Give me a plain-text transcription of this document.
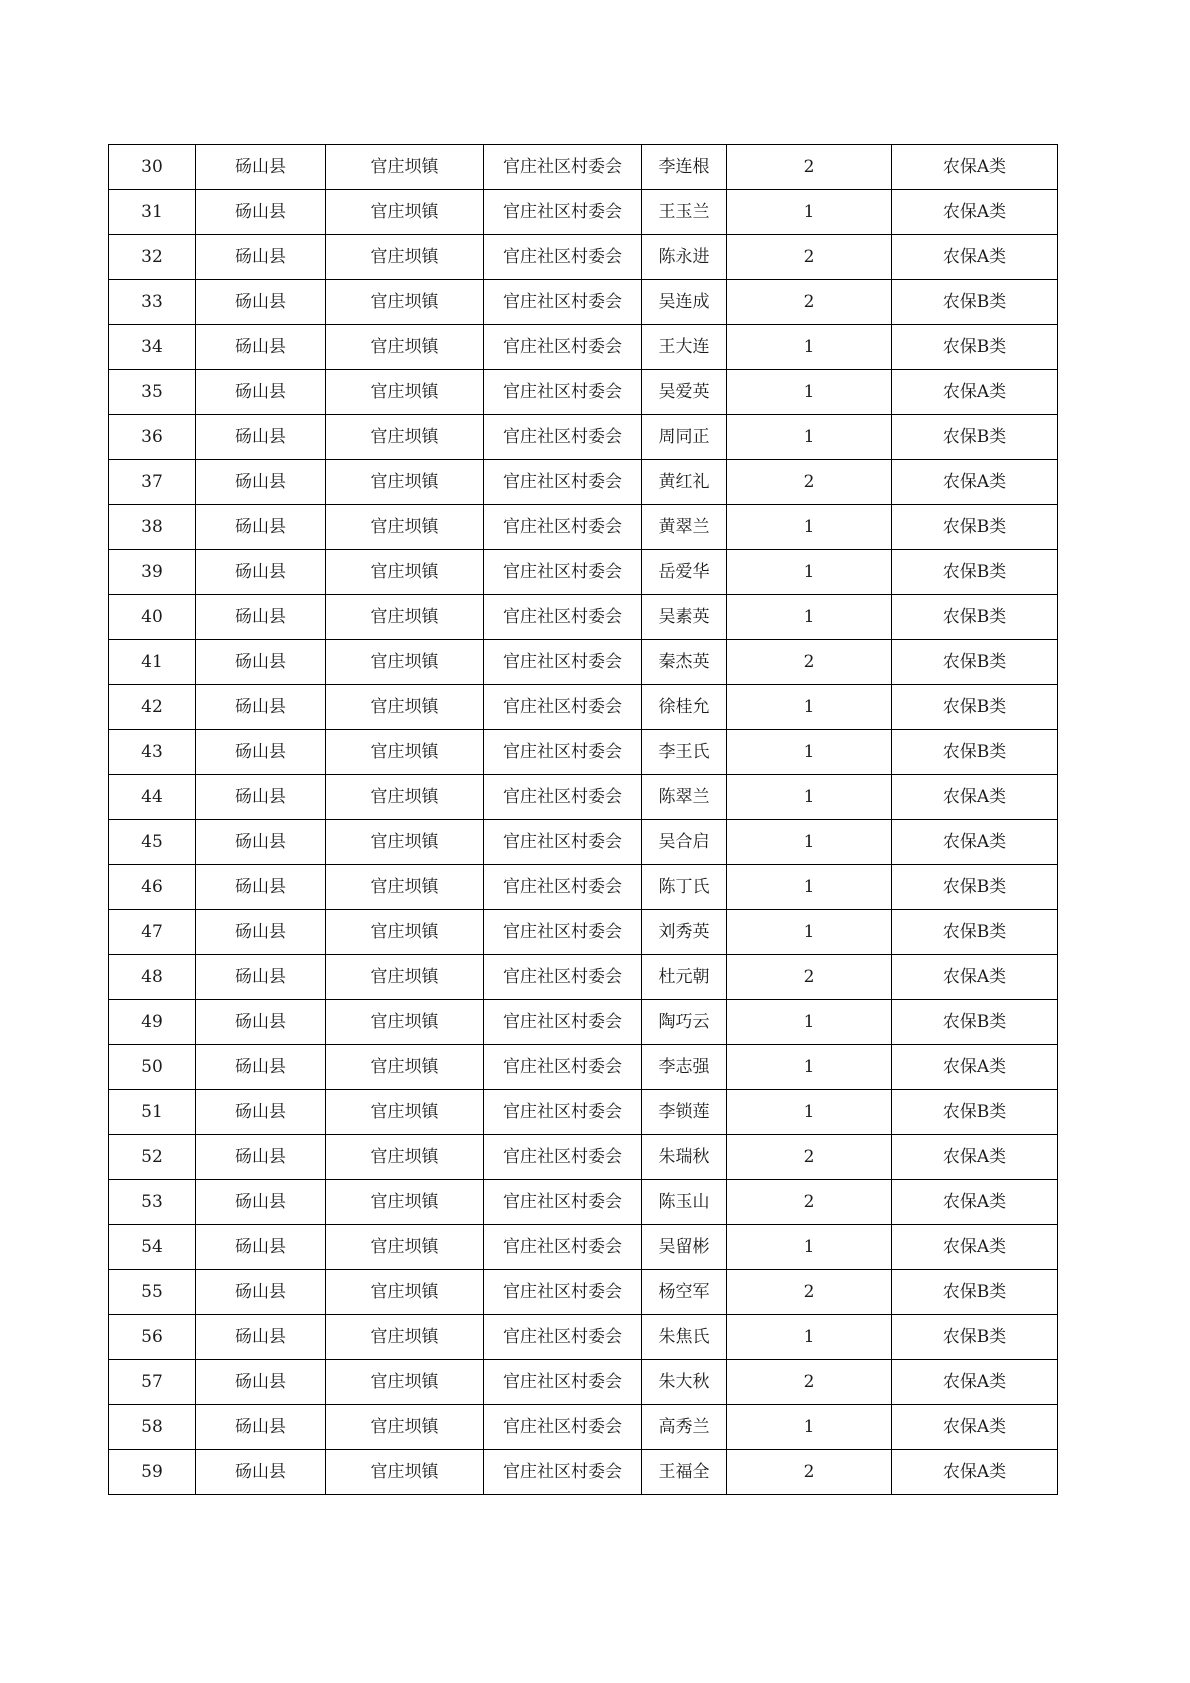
30	砀山县	官庄坝镇	官庄社区村委会	李连根	2	农保A类
31	砀山县	官庄坝镇	官庄社区村委会	王玉兰	1	农保A类
32	砀山县	官庄坝镇	官庄社区村委会	陈永进	2	农保A类
33	砀山县	官庄坝镇	官庄社区村委会	吴连成	2	农保B类
34	砀山县	官庄坝镇	官庄社区村委会	王大连	1	农保B类
35	砀山县	官庄坝镇	官庄社区村委会	吴爱英	1	农保A类
36	砀山县	官庄坝镇	官庄社区村委会	周同正	1	农保B类
37	砀山县	官庄坝镇	官庄社区村委会	黄红礼	2	农保A类
38	砀山县	官庄坝镇	官庄社区村委会	黄翠兰	1	农保B类
39	砀山县	官庄坝镇	官庄社区村委会	岳爱华	1	农保B类
40	砀山县	官庄坝镇	官庄社区村委会	吴素英	1	农保B类
41	砀山县	官庄坝镇	官庄社区村委会	秦杰英	2	农保B类
42	砀山县	官庄坝镇	官庄社区村委会	徐桂允	1	农保B类
43	砀山县	官庄坝镇	官庄社区村委会	李王氏	1	农保B类
44	砀山县	官庄坝镇	官庄社区村委会	陈翠兰	1	农保A类
45	砀山县	官庄坝镇	官庄社区村委会	吴合启	1	农保A类
46	砀山县	官庄坝镇	官庄社区村委会	陈丁氏	1	农保B类
47	砀山县	官庄坝镇	官庄社区村委会	刘秀英	1	农保B类
48	砀山县	官庄坝镇	官庄社区村委会	杜元朝	2	农保A类
49	砀山县	官庄坝镇	官庄社区村委会	陶巧云	1	农保B类
50	砀山县	官庄坝镇	官庄社区村委会	李志强	1	农保A类
51	砀山县	官庄坝镇	官庄社区村委会	李锁莲	1	农保B类
52	砀山县	官庄坝镇	官庄社区村委会	朱瑞秋	2	农保A类
53	砀山县	官庄坝镇	官庄社区村委会	陈玉山	2	农保A类
54	砀山县	官庄坝镇	官庄社区村委会	吴留彬	1	农保A类
55	砀山县	官庄坝镇	官庄社区村委会	杨空军	2	农保B类
56	砀山县	官庄坝镇	官庄社区村委会	朱焦氏	1	农保B类
57	砀山县	官庄坝镇	官庄社区村委会	朱大秋	2	农保A类
58	砀山县	官庄坝镇	官庄社区村委会	高秀兰	1	农保A类
59	砀山县	官庄坝镇	官庄社区村委会	王福全	2	农保A类
